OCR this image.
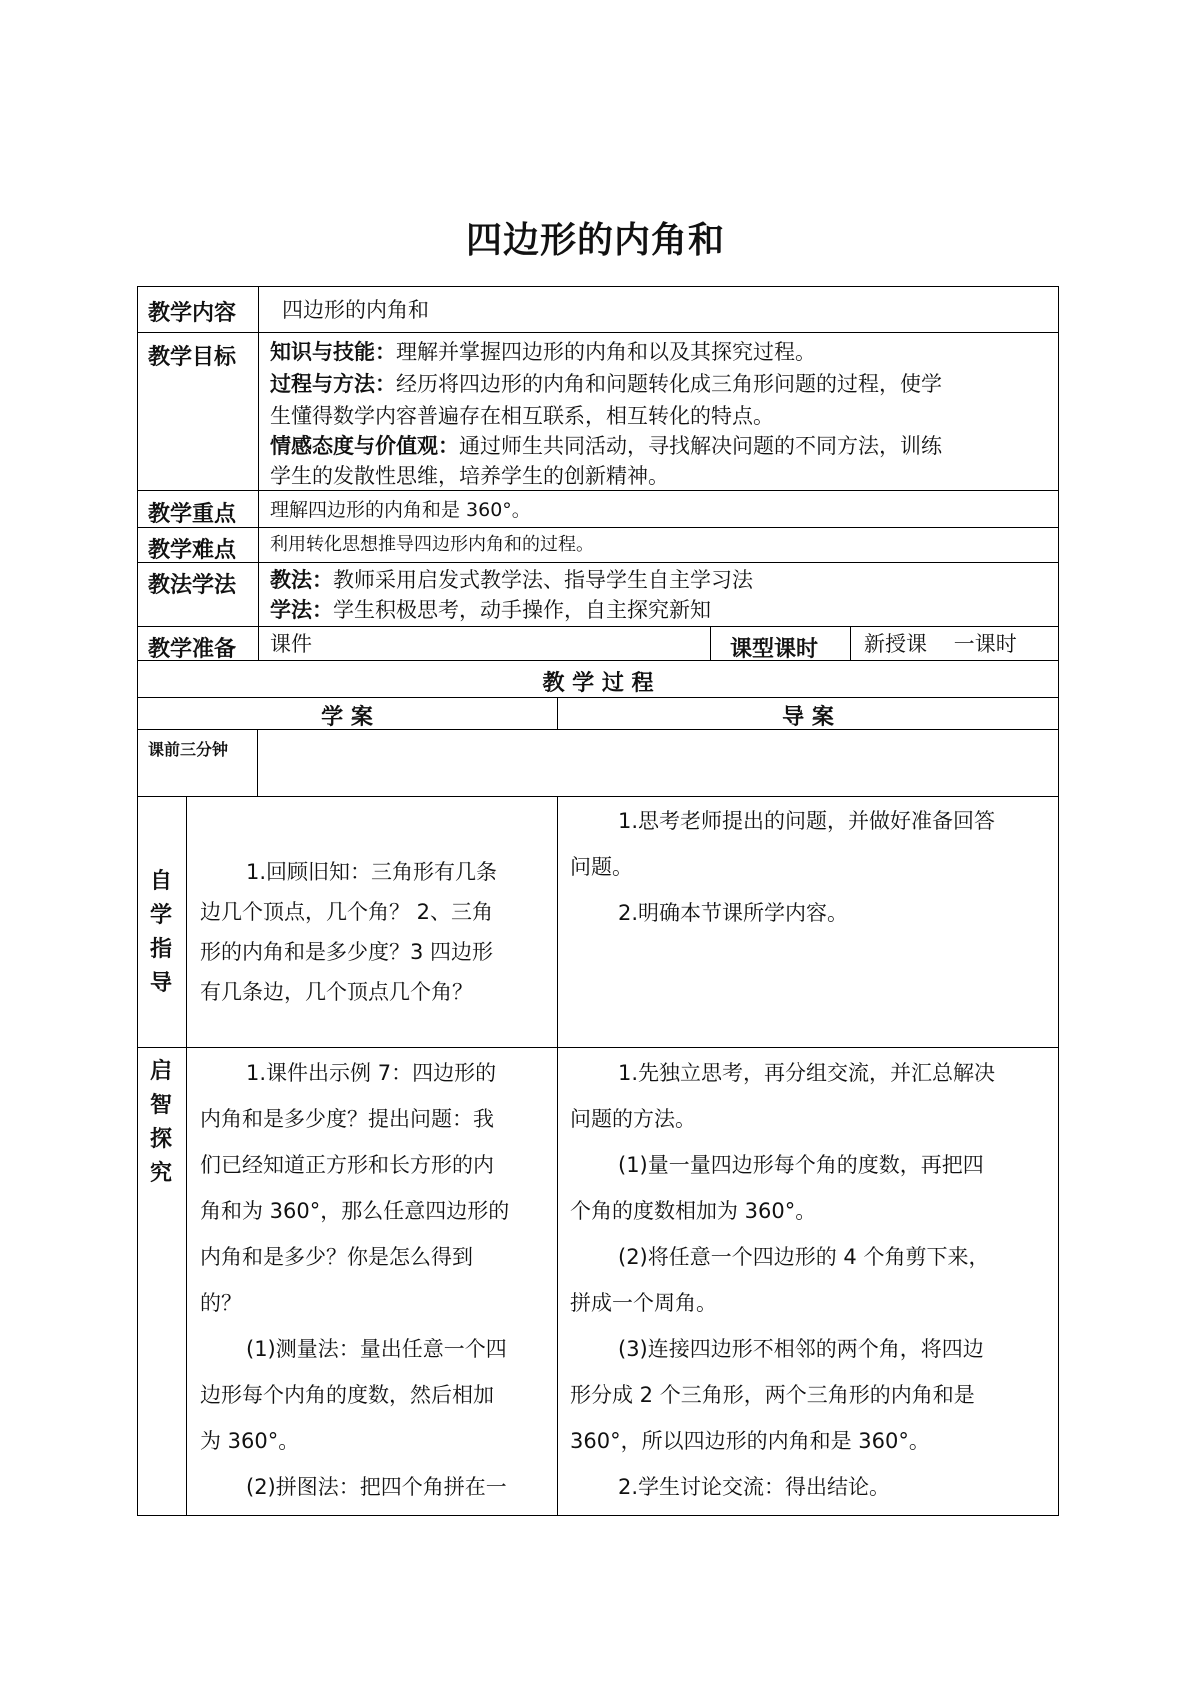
四边形的内角和
教学内容 四边形的内角和
教学目标 知识与技能：理解并掌握四边形的内角和以及其探究过程。
过程与方法：经历将四边形的内角和问题转化成三角形问题的过程，使学
生懂得数学内容普遍存在相互联系，相互转化的特点。
情感态度与价值观：通过师生共同活动，寻找解决问题的不同方法，训练
学生的发散性思维，培养学生的创新精神。
教学重点 理解四边形的内角和是 360°。
教学难点 利用转化思想推导四边形内角和的过程。
教法学法 教法：教师采用启发式教学法、指导学生自主学习法
学法：学生积极思考，动手操作，自主探究新知
教学准备 课件	课型课时 新授课    一课时
教 学 过 程
学 案	导 案
课前三分钟
自学指导
1.回顾旧知：三角形有几条
边几个顶点，几个角？ 2、三角
形的内角和是多少度？3 四边形
有几条边，几个顶点几个角？
1.思考老师提出的问题，并做好准备回答
问题。
2.明确本节课所学内容。
启智探究
1.课件出示例 7：四边形的
内角和是多少度？提出问题：我
们已经知道正方形和长方形的内
角和为 360°，那么任意四边形的
内角和是多少？你是怎么得到
的？
(1)测量法：量出任意一个四
边形每个内角的度数，然后相加
为 360°。
(2)拼图法：把四个角拼在一
1.先独立思考，再分组交流，并汇总解决
问题的方法。
(1)量一量四边形每个角的度数，再把四
个角的度数相加为 360°。
(2)将任意一个四边形的 4 个角剪下来，
拼成一个周角。
(3)连接四边形不相邻的两个角，将四边
形分成 2 个三角形，两个三角形的内角和是
360°，所以四边形的内角和是 360°。
2.学生讨论交流：得出结论。
